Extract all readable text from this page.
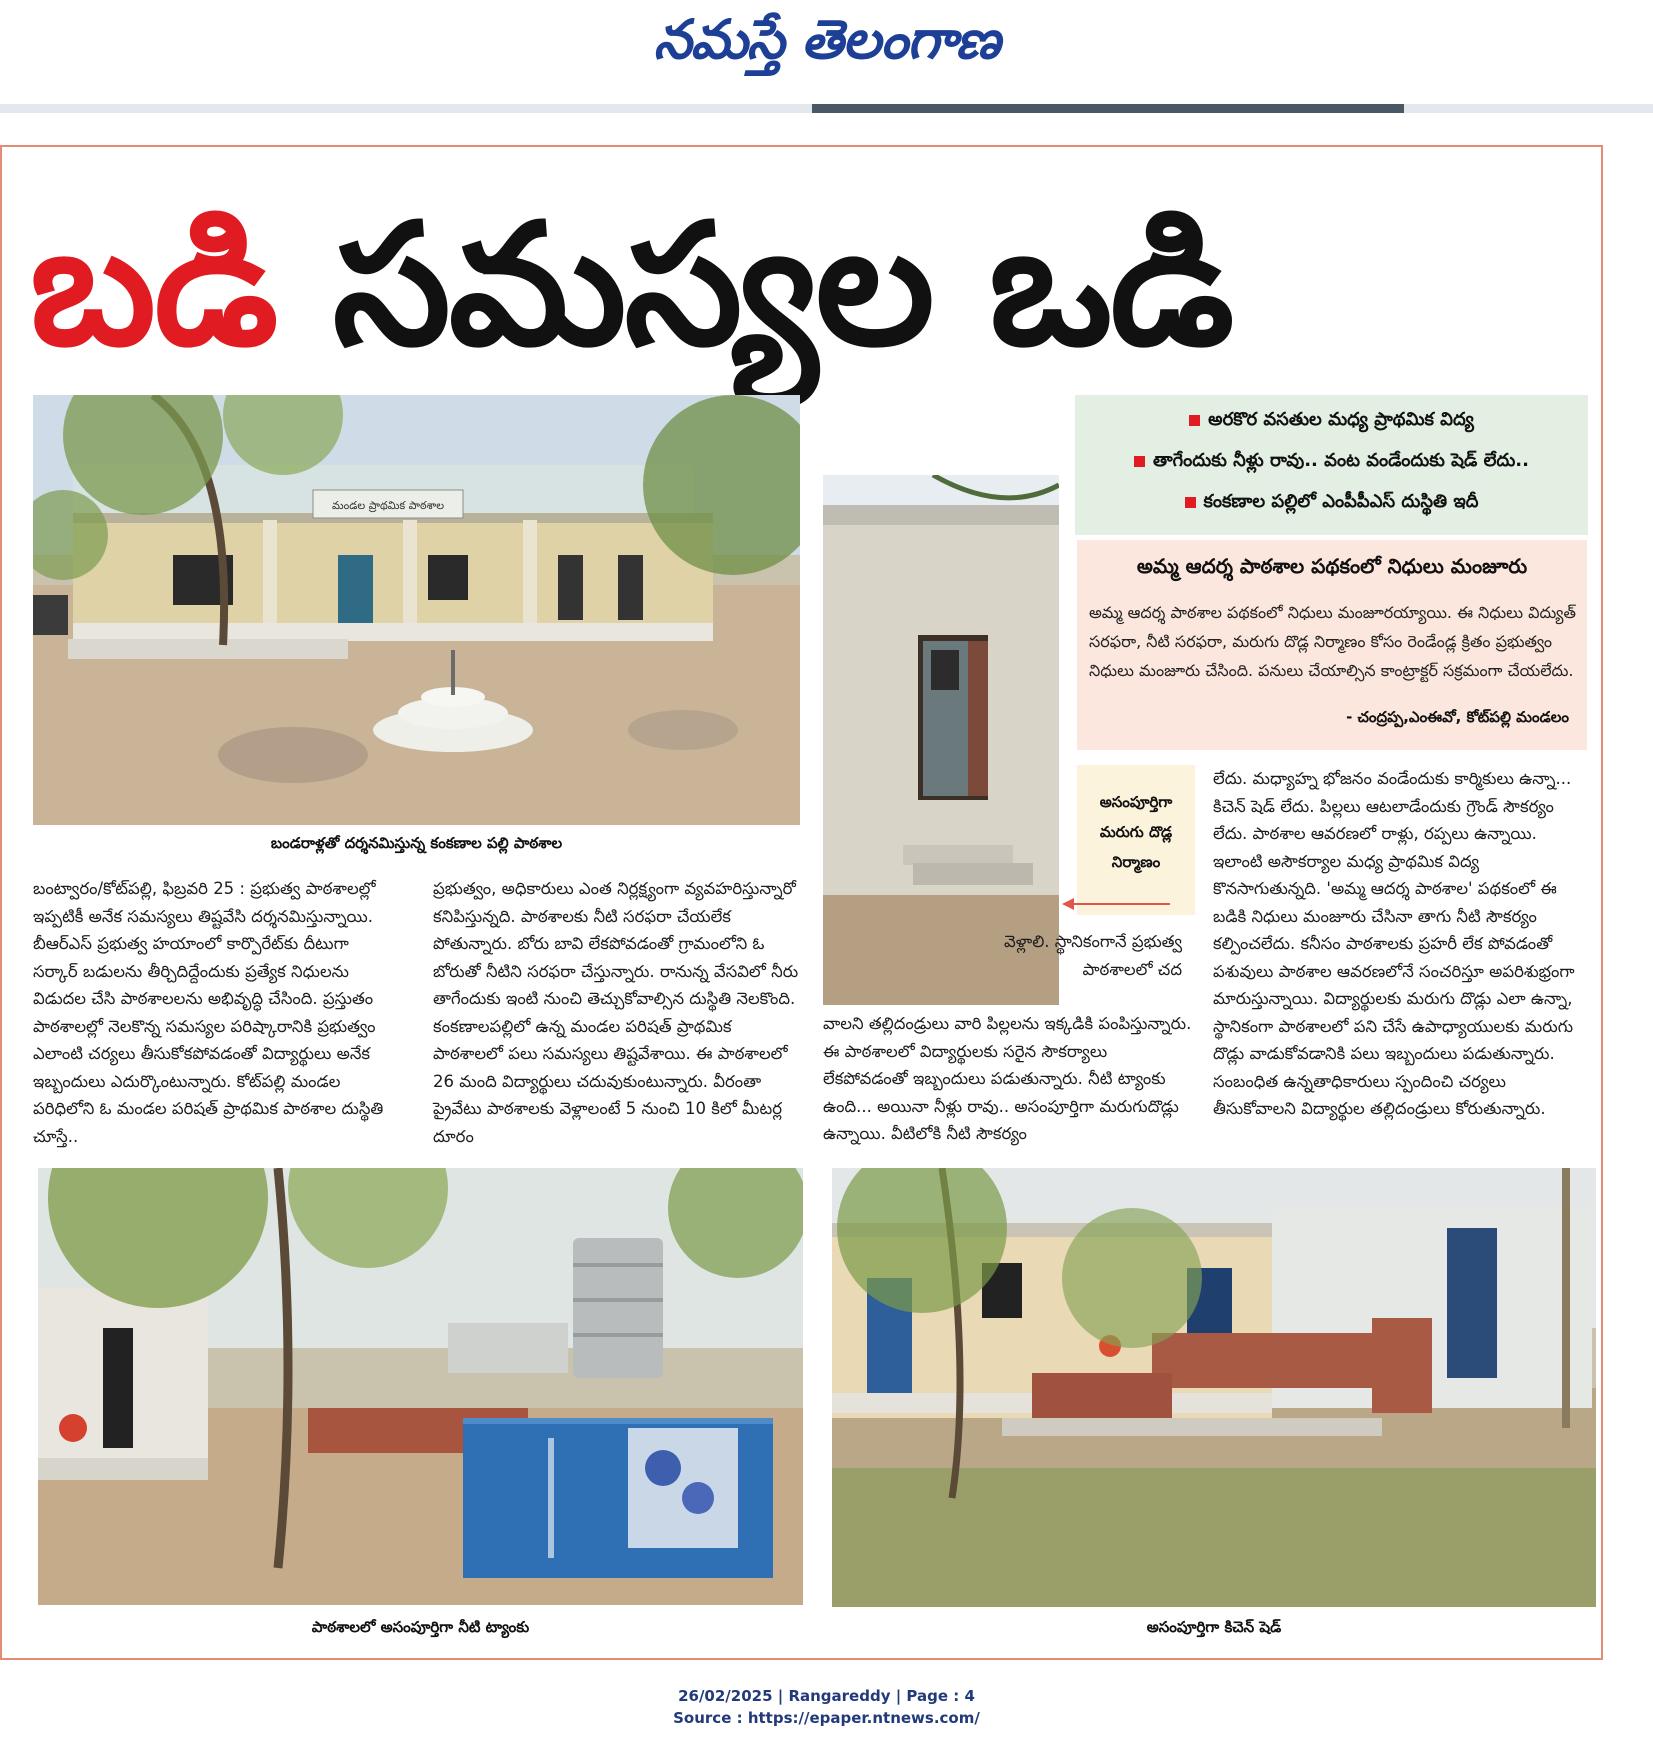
నమస్తే తెలంగాణ
బడి సమస్యల ఒడి
మండల ప్రాథమిక పాఠశాల
బండరాళ్లతో దర్శనమిస్తున్న కంకణాల పల్లి పాఠశాల
అరకొర వసతుల మధ్య ప్రాథమిక విద్య
తాగేందుకు నీళ్లు రావు.. వంట వండేందుకు షెడ్ లేదు..
కంకణాల పల్లిలో ఎంపీపీఎస్ దుస్థితి ఇదీ
అమ్మ ఆదర్శ పాఠశాల పథకంలో నిధులు మంజూరు
అమ్మ ఆదర్శ పాఠశాల పథకంలో నిధులు మంజూరయ్యాయి. ఈ నిధులు విద్యుత్ సరఫరా, నీటి సరఫరా, మరుగు దొడ్ల నిర్మాణం కోసం రెండేండ్ల క్రితం ప్రభుత్వం నిధులు మంజూరు చేసింది. పనులు చేయాల్సిన కాంట్రాక్టర్ సక్రమంగా చేయలేదు.
- చంద్రప్ప,ఎంఈవో, కోట్‌పల్లి మండలం
అసంపూర్తిగా
మరుగు దొడ్ల
నిర్మాణం

బంట్వారం/కోట్‌పల్లి, ఫిబ్రవరి 25 : ప్రభుత్వ పాఠశాలల్లో ఇప్పటికీ అనేక సమస్యలు తిష్టవేసి దర్శనమిస్తున్నాయి. బీఆర్‌ఎస్ ప్రభుత్వ హయాంలో కార్పొరేట్‌కు దీటుగా సర్కార్ బడులను తీర్చిదిద్దేందుకు ప్రత్యేక నిధులను విడుదల చేసి పాఠశాలలను అభివృద్ధి చేసింది. ప్రస్తుతం పాఠశాలల్లో నెలకొన్న సమస్యల పరిష్కారానికి ప్రభుత్వం ఎలాంటి చర్యలు తీసుకోకపోవడంతో విద్యార్థులు అనేక ఇబ్బందులు ఎదుర్కొంటున్నారు. కోట్‌పల్లి మండల పరిధిలోని ఓ మండల పరిషత్ ప్రాథమిక పాఠశాల దుస్థితి చూస్తే..

ప్రభుత్వం, అధికారులు ఎంత నిర్లక్ష్యంగా వ్యవహరిస్తున్నారో కనిపిస్తున్నది. పాఠశాలకు నీటి సరఫరా చేయలేక పోతున్నారు. బోరు బావి లేకపోవడంతో గ్రామంలోని ఓ బోరుతో నీటిని సరఫరా చేస్తున్నారు. రానున్న వేసవిలో నీరు తాగేందుకు ఇంటి నుంచి తెచ్చుకోవాల్సిన దుస్థితి నెలకొంది. కంకణాలపల్లిలో ఉన్న మండల పరిషత్ ప్రాథమిక పాఠశాలలో పలు సమస్యలు తిష్టవేశాయి. ఈ పాఠశాలలో 26 మంది విద్యార్థులు చదువుకుంటున్నారు. వీరంతా ప్రైవేటు పాఠశాలకు వెళ్లాలంటే 5 నుంచి 10 కిలో మీటర్ల దూరం

వెళ్లాలి. స్థానికంగానే ప్రభుత్వ పాఠశాలలో చద

వాలని తల్లిదండ్రులు వారి పిల్లలను ఇక్కడికి పంపిస్తున్నారు. ఈ పాఠశాలలో విద్యార్థులకు సరైన సౌకర్యాలు లేకపోవడంతో ఇబ్బందులు పడుతున్నారు. నీటి ట్యాంకు ఉంది... అయినా నీళ్లు రావు.. అసంపూర్తిగా మరుగుదొడ్లు ఉన్నాయి. వీటిలోకి నీటి సౌకర్యం

లేదు. మధ్యాహ్న భోజనం వండేందుకు కార్మికులు ఉన్నా... కిచెన్ షెడ్ లేదు. పిల్లలు ఆటలాడేందుకు గ్రౌండ్ సౌకర్యం లేదు. పాఠశాల ఆవరణలో రాళ్లు, రప్పలు ఉన్నాయి. ఇలాంటి అసౌకర్యాల మధ్య ప్రాథమిక విద్య కొనసాగుతున్నది. 'అమ్మ ఆదర్శ పాఠశాల' పథకంలో ఈ బడికి నిధులు మంజూరు చేసినా తాగు నీటి సౌకర్యం కల్పించలేదు. కనీసం పాఠశాలకు ప్రహరీ లేక పోవడంతో పశువులు పాఠశాల ఆవరణలోనే సంచరిస్తూ అపరిశుభ్రంగా మారుస్తున్నాయి. విద్యార్థులకు మరుగు దొడ్లు ఎలా ఉన్నా, స్థానికంగా పాఠశాలలో పని చేసే ఉపాధ్యాయులకు మరుగు దొడ్లు వాడుకోవడానికి పలు ఇబ్బందులు పడుతున్నారు. సంబంధిత ఉన్నతాధికారులు స్పందించి చర్యలు తీసుకోవాలని విద్యార్థుల తల్లిదండ్రులు కోరుతున్నారు.

పాఠశాలలో అసంపూర్తిగా నీటి ట్యాంకు	అసంపూర్తిగా కిచెన్ షెడ్
26/02/2025 | Rangareddy | Page : 4
Source : https://epaper.ntnews.com/
